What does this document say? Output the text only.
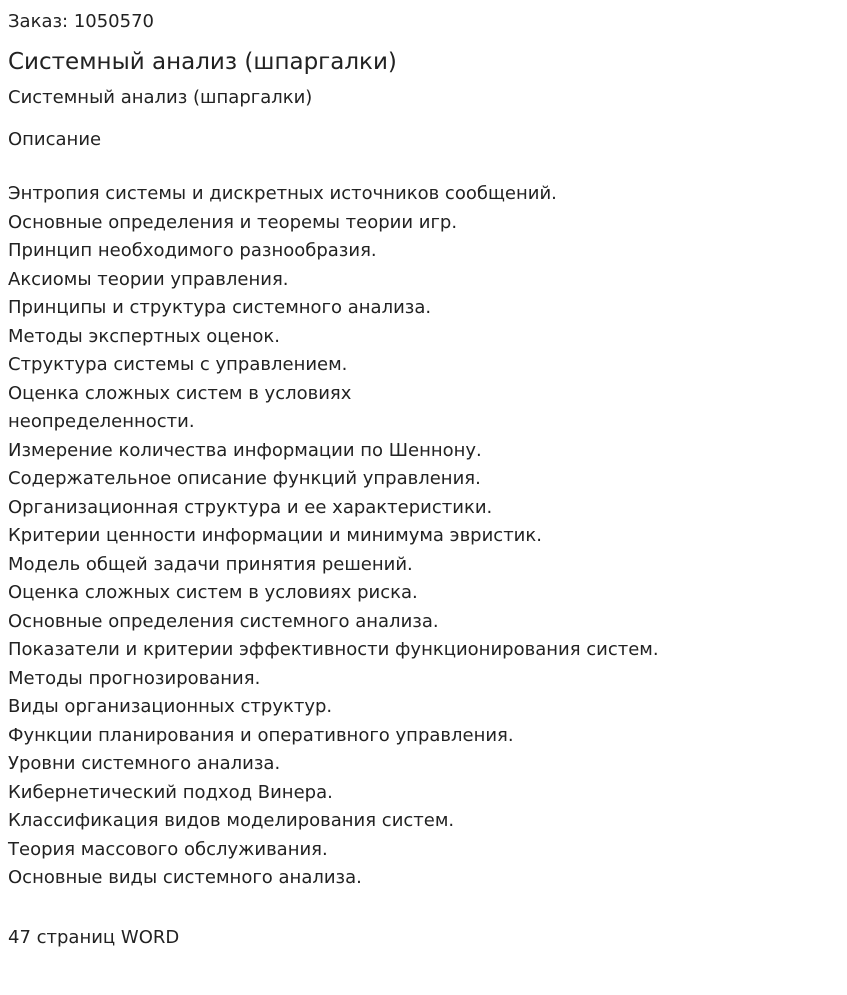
Заказ: 1050570
Системный анализ (шпаргалки)
Системный анализ (шпаргалки)
Описание
Энтропия системы и дискретных источников сообщений.
Основные определения и теоремы теории игр.
Принцип необходимого разнообразия.
Аксиомы теории управления.
Принципы и структура системного анализа.
Методы экспертных оценок.
Структура системы с управлением.
Оценка сложных систем в условиях
неопределенности.
Измерение количества информации по Шеннону.
Содержательное описание функций управления.
Организационная структура и ее характеристики.
Критерии ценности информации и минимума эвристик.
Модель общей задачи принятия решений.
Оценка сложных систем в условиях риска.
Основные определения системного анализа.
Показатели и критерии эффективности функционирования систем.
Методы прогнозирования.
Виды организационных структур.
Функции планирования и оперативного управления.
Уровни системного анализа.
Кибернетический подход Винера.
Классификация видов моделирования систем.
Теория массового обслуживания.
Основные виды системного анализа.
47 страниц WORD
